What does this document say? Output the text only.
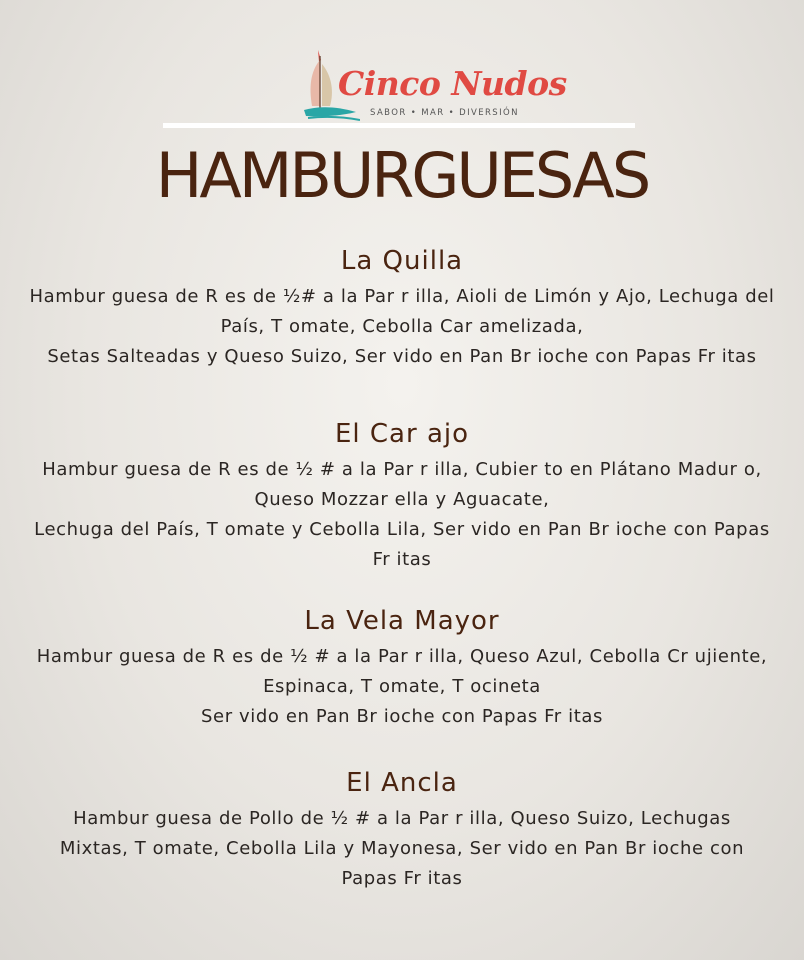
Cinco Nudos
SABOR • MAR • DIVERSIÓN
HAMBURGUESAS
La Quilla
Hambur guesa de R es de ½# a la Par r illa, Aioli de Limón y Ajo, Lechuga del
País, T omate, Cebolla Car amelizada,
Setas Salteadas y Queso Suizo, Ser vido en Pan Br ioche con Papas Fr itas
El Car ajo
Hambur guesa de R es de ½ # a la Par r illa, Cubier to en Plátano Madur o,
Queso Mozzar ella y Aguacate,
Lechuga del País, T omate y Cebolla Lila, Ser vido en Pan Br ioche con Papas
Fr itas
La Vela Mayor
Hambur guesa de R es de ½ # a la Par r illa, Queso Azul, Cebolla Cr ujiente,
Espinaca, T omate, T ocineta
Ser vido en Pan Br ioche con Papas Fr itas
El Ancla
Hambur guesa de Pollo de ½ # a la Par r illa, Queso Suizo, Lechugas
Mixtas, T omate, Cebolla Lila y Mayonesa, Ser vido en Pan Br ioche con
Papas Fr itas
